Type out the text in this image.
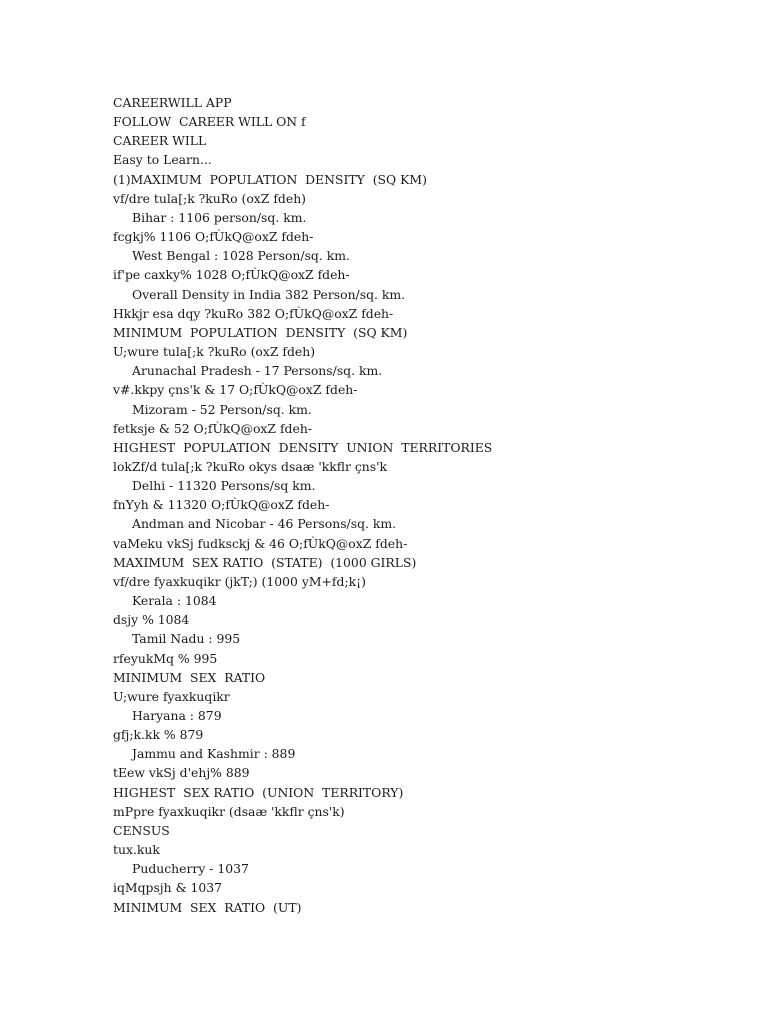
CAREERWILL APP
FOLLOW  CAREER WILL ON f
CAREER WILL
Easy to Learn...
(1)MAXIMUM  POPULATION  DENSITY  (SQ KM)
vf/dre tula[;k ?kuRo (oxZ fdeh)
Bihar : 1106 person/sq. km.
fcgkj% 1106 O;fÙkQ@oxZ fdeh-
West Bengal : 1028 Person/sq. km.
if'pe caxky% 1028 O;fÙkQ@oxZ fdeh-
Overall Density in India 382 Person/sq. km.
Hkkjr esa dqy ?kuRo 382 O;fÙkQ@oxZ fdeh-
MINIMUM  POPULATION  DENSITY  (SQ KM)
U;wure tula[;k ?kuRo (oxZ fdeh)
Arunachal Pradesh - 17 Persons/sq. km.
v#.kkpy çns'k & 17 O;fÙkQ@oxZ fdeh-
Mizoram - 52 Person/sq. km.
fetksje & 52 O;fÙkQ@oxZ fdeh-
HIGHEST  POPULATION  DENSITY  UNION  TERRITORIES
lokZf/d tula[;k ?kuRo okys dsaæ 'kkflr çns'k
Delhi - 11320 Persons/sq km.
fnYyh & 11320 O;fÙkQ@oxZ fdeh-
Andman and Nicobar - 46 Persons/sq. km.
vaMeku vkSj fudksckj & 46 O;fÙkQ@oxZ fdeh-
MAXIMUM  SEX RATIO  (STATE)  (1000 GIRLS)
vf/dre fyaxkuqikr (jkT;) (1000 yM+fd;k¡)
Kerala : 1084
dsjy % 1084
Tamil Nadu : 995
rfeyukMq % 995
MINIMUM  SEX  RATIO
U;wure fyaxkuqikr
Haryana : 879
gfj;k.kk % 879
Jammu and Kashmir : 889
tEew vkSj d'ehj% 889
HIGHEST  SEX RATIO  (UNION  TERRITORY)
mPpre fyaxkuqikr (dsaæ 'kkflr çns'k)
CENSUS
tux.kuk
Puducherry - 1037
iqMqpsjh & 1037
MINIMUM  SEX  RATIO  (UT)
